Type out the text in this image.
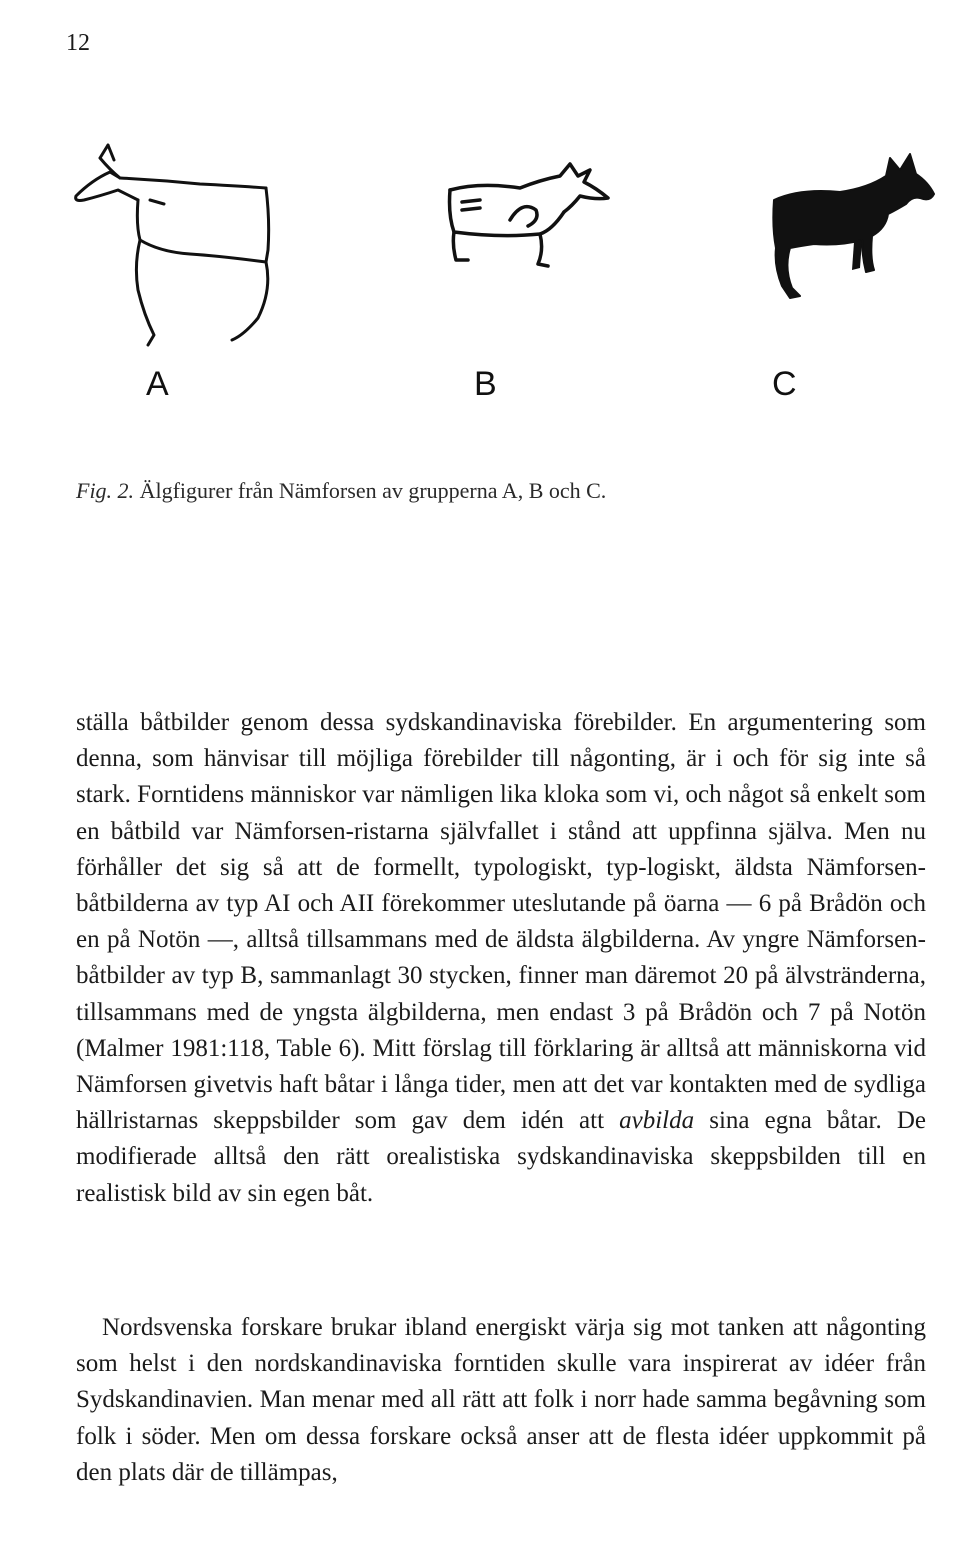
12
A	B	C
Fig. 2. Älgfigurer från Nämforsen av grupperna A, B och C.

ställa båtbilder genom dessa sydskandinaviska förebilder. En argumentering som denna, som hänvisar till möjliga förebilder till någonting, är i och för sig inte så stark. Forntidens människor var nämligen lika kloka som vi, och något så enkelt som en båtbild var Nämforsen-ristarna självfallet i stånd att uppfinna själva. Men nu förhåller det sig så att de formellt, typologiskt, typ-logiskt, äldsta Nämforsen-båtbilderna av typ AI och AII förekommer uteslutande på öarna — 6 på Brådön och en på Notön —, alltså tillsammans med de äldsta älgbilderna. Av yngre Nämforsen-båtbilder av typ B, sammanlagt 30 stycken, finner man däremot 20 på älvstränderna, tillsammans med de yngsta älgbilderna, men endast 3 på Brådön och 7 på Notön (Malmer 1981:118, Table 6). Mitt förslag till förklaring är alltså att människorna vid Nämforsen givetvis haft båtar i långa tider, men att det var kontakten med de sydliga hällristarnas skeppsbilder som gav dem idén att avbilda sina egna båtar. De modifierade alltså den rätt orealistiska sydskandinaviska skeppsbilden till en realistisk bild av sin egen båt.

Nordsvenska forskare brukar ibland energiskt värja sig mot tanken att någonting som helst i den nordskandinaviska forntiden skulle vara inspirerat av idéer från Sydskandinavien. Man menar med all rätt att folk i norr hade samma begåvning som folk i söder. Men om dessa forskare också anser att de flesta idéer uppkommit på den plats där de tillämpas,
